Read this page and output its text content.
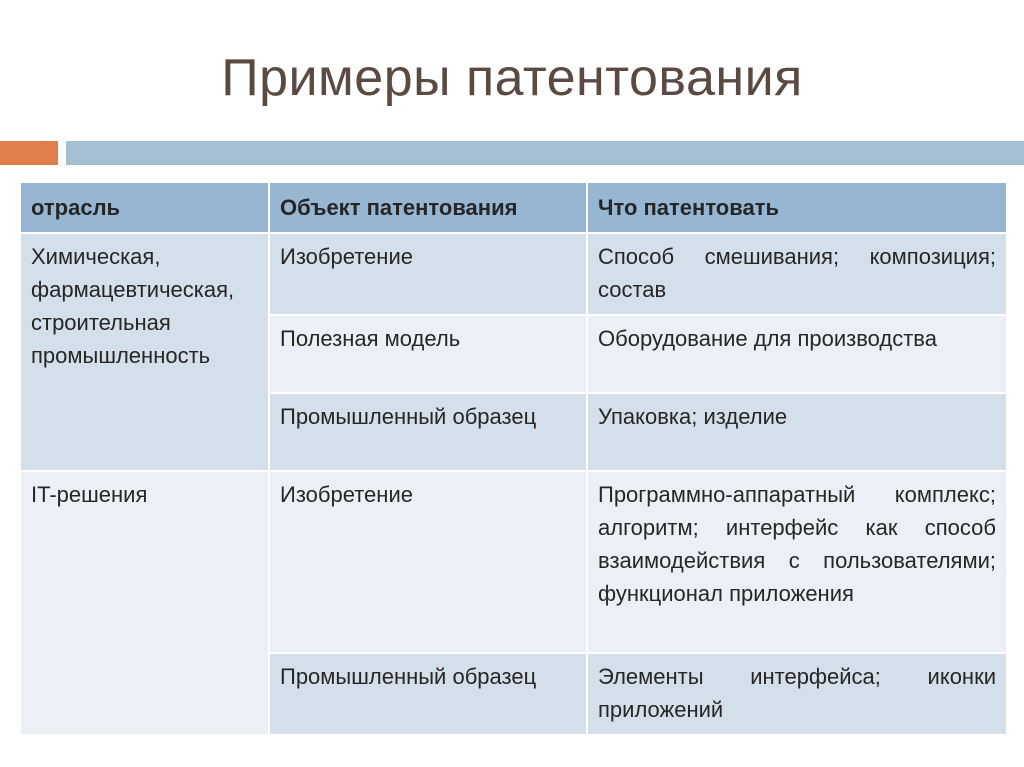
Примеры патентования
отрасль	Объект патентования	Что патентовать
Химическая, фармацевтическая, строительная промышленность	Изобретение	Способ смешивания; композиция; состав
	Полезная модель	Оборудование для производства
	Промышленный образец	Упаковка; изделие
IT-решения	Изобретение	Программно-аппаратный комплекс; алгоритм; интерфейс как способ взаимодействия с пользователями; функционал приложения
	Промышленный образец	Элементы интерфейса; иконки приложений
